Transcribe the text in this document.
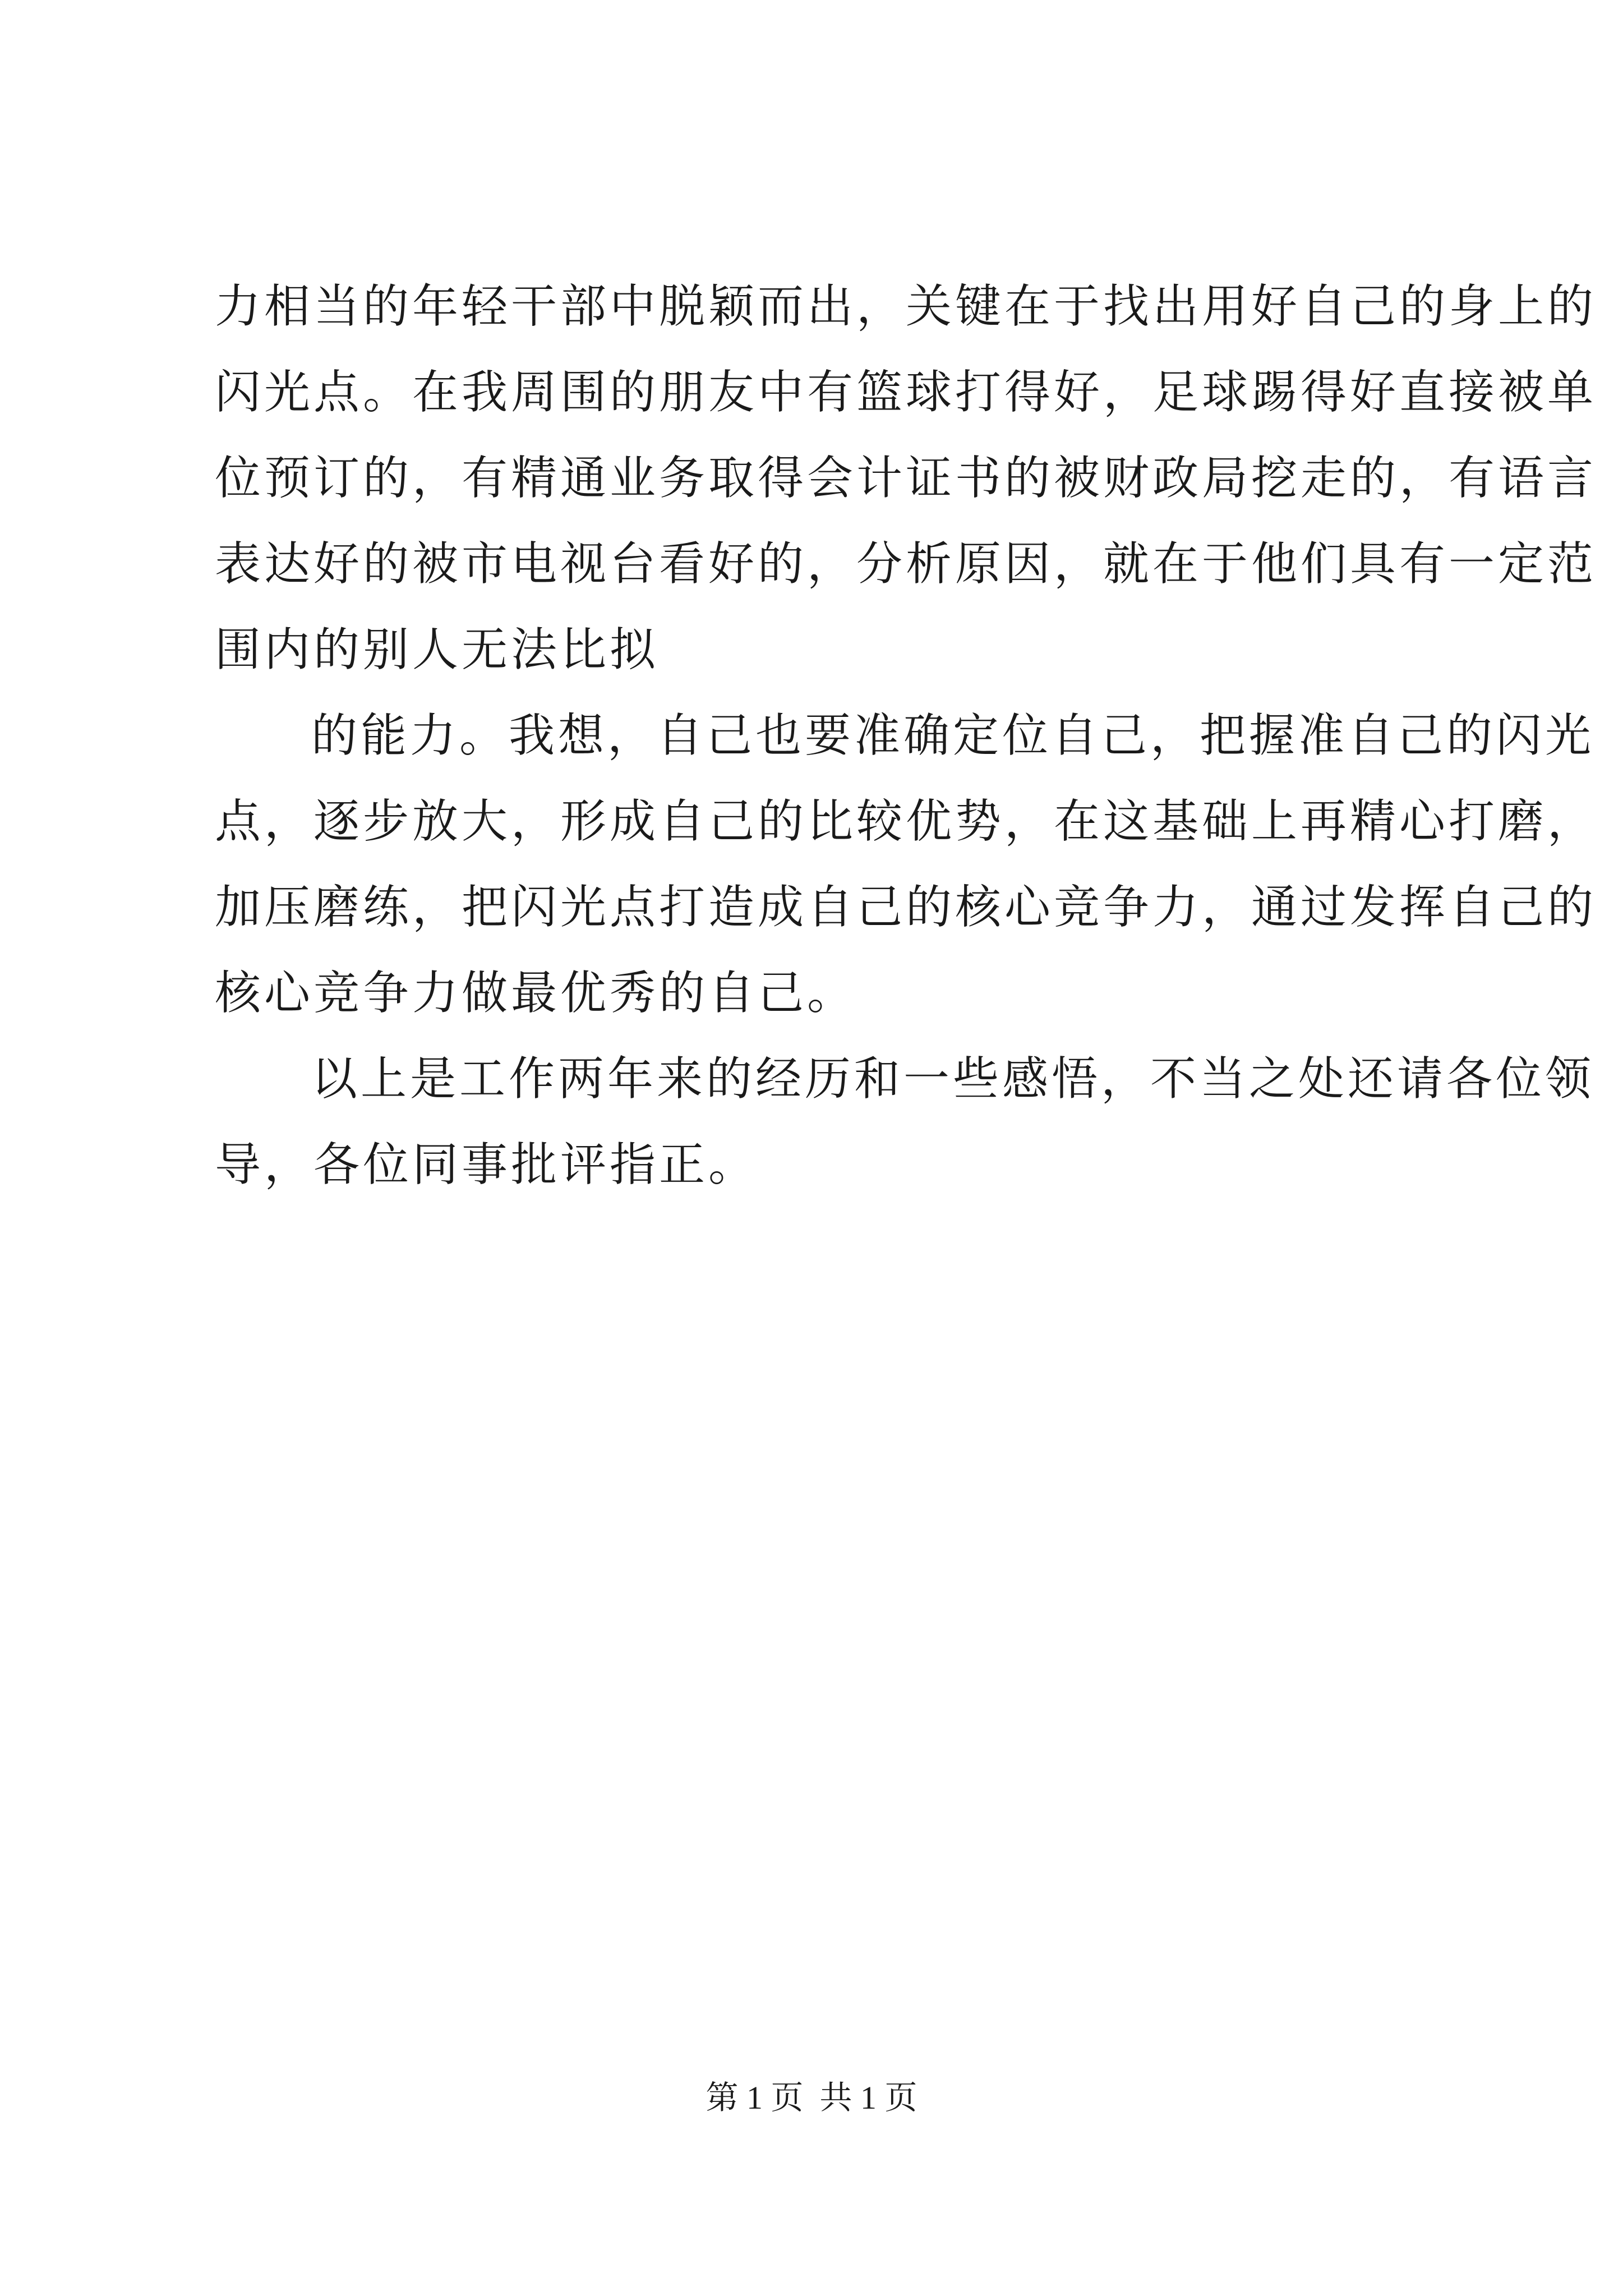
力相当的年轻干部中脱颖而出，关键在于找出用好自己的身上的
闪光点。在我周围的朋友中有篮球打得好，足球踢得好直接被单
位预订的，有精通业务取得会计证书的被财政局挖走的，有语言
表达好的被市电视台看好的，分析原因，就在于他们具有一定范
围内的别人无法比拟
的能力。我想，自己也要准确定位自己，把握准自己的闪光
点，逐步放大，形成自己的比较优势，在这基础上再精心打磨，
加压磨练，把闪光点打造成自己的核心竞争力，通过发挥自己的
核心竞争力做最优秀的自己。
以上是工作两年来的经历和一些感悟，不当之处还请各位领
导，各位同事批评指正。
第 1 页  共 1 页
